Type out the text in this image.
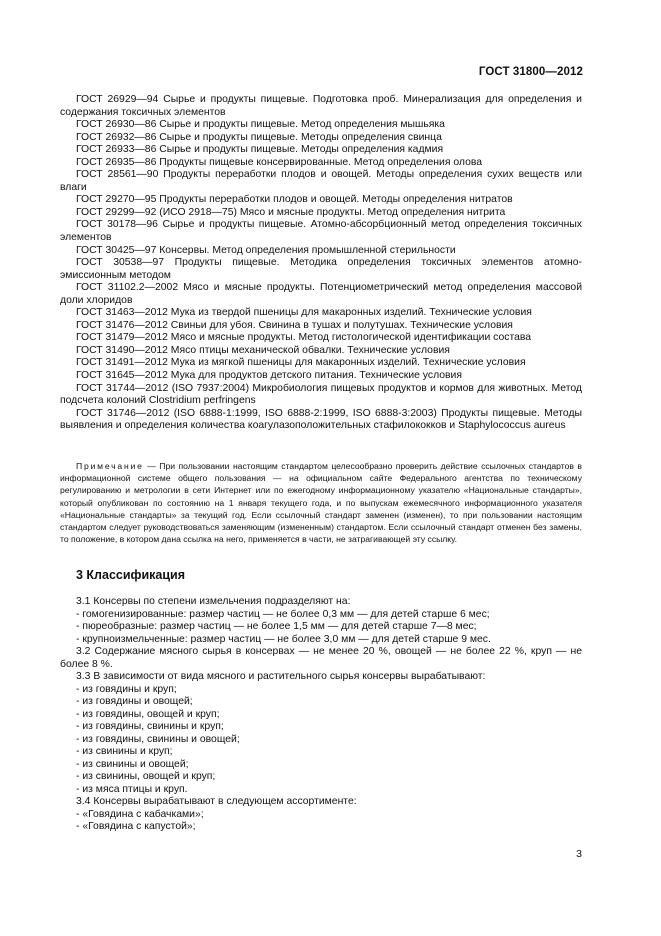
ГОСТ 31800—2012

ГОСТ 26929—94 Сырье и продукты пищевые. Подготовка проб. Минерализация для определения и содержания токсичных элементов

ГОСТ 26930—86 Сырье и продукты пищевые. Метод определения мышьяка

ГОСТ 26932—86 Сырье и продукты пищевые. Методы определения свинца

ГОСТ 26933—86 Сырье и продукты пищевые. Методы определения кадмия

ГОСТ 26935—86 Продукты пищевые консервированные. Метод определения олова

ГОСТ 28561—90 Продукты переработки плодов и овощей. Методы определения сухих веществ или влаги

ГОСТ 29270—95 Продукты переработки плодов и овощей. Методы определения нитратов

ГОСТ 29299—92 (ИСО 2918—75) Мясо и мясные продукты. Метод определения нитрита

ГОСТ 30178—96 Сырье и продукты пищевые. Атомно-абсорбционный метод определения токсичных элементов

ГОСТ 30425—97 Консервы. Метод определения промышленной стерильности

ГОСТ 30538—97 Продукты пищевые. Методика определения токсичных элементов атомно-эмиссионным методом

ГОСТ 31102.2—2002 Мясо и мясные продукты. Потенциометрический метод определения массовой доли хлоридов

ГОСТ 31463—2012 Мука из твердой пшеницы для макаронных изделий. Технические условия

ГОСТ 31476—2012 Свиньи для убоя. Свинина в тушах и полутушах. Технические условия

ГОСТ 31479—2012 Мясо и мясные продукты. Метод гистологической идентификации состава

ГОСТ 31490—2012 Мясо птицы механической обвалки. Технические условия

ГОСТ 31491—2012 Мука из мягкой пшеницы для макаронных изделий. Технические условия

ГОСТ 31645—2012 Мука для продуктов детского питания. Технические условия

ГОСТ 31744—2012 (ISO 7937:2004) Микробиология пищевых продуктов и кормов для животных. Метод подсчета колоний Clostridium perfringens

ГОСТ 31746—2012 (ISO 6888-1:1999, ISO 6888-2:1999, ISO 6888-3:2003) Продукты пищевые. Методы выявления и определения количества коагулазоположительных стафилококков и Staphylococcus aureus

Примечание — При пользовании настоящим стандартом целесообразно проверить действие ссылочных стандартов в информационной системе общего пользования — на официальном сайте Федерального агентства по техническому регулированию и метрологии в сети Интернет или по ежегодному информационному указателю «Национальные стандарты», который опубликован по состоянию на 1 января текущего года, и по выпускам ежемесячного информационного указателя «Национальные стандарты» за текущий год. Если ссылочный стандарт заменен (изменен), то при пользовании настоящим стандартом следует руководствоваться заменяющим (измененным) стандартом. Если ссылочный стандарт отменен без замены, то положение, в котором дана ссылка на него, применяется в части, не затрагивающей эту ссылку.

3 Классификация

3.1 Консервы по степени измельчения подразделяют на:

- гомогенизированные: размер частиц — не более 0,3 мм — для детей старше 6 мес;

- пюреобразные: размер частиц — не более 1,5 мм — для детей старше 7—8 мес;

- крупноизмельченные: размер частиц — не более 3,0 мм — для детей старше 9 мес.

3.2 Содержание мясного сырья в консервах — не менее 20 %, овощей — не более 22 %, круп — не более 8 %.

3.3 В зависимости от вида мясного и растительного сырья консервы вырабатывают:

- из говядины и круп;

- из говядины и овощей;

- из говядины, овощей и круп;

- из говядины, свинины и круп;

- из говядины, свинины и овощей;

- из свинины и круп;

- из свинины и овощей;

- из свинины, овощей и круп;

- из мяса птицы и круп.

3.4 Консервы вырабатывают в следующем ассортименте:

- «Говядина с кабачками»;

- «Говядина с капустой»;

3
